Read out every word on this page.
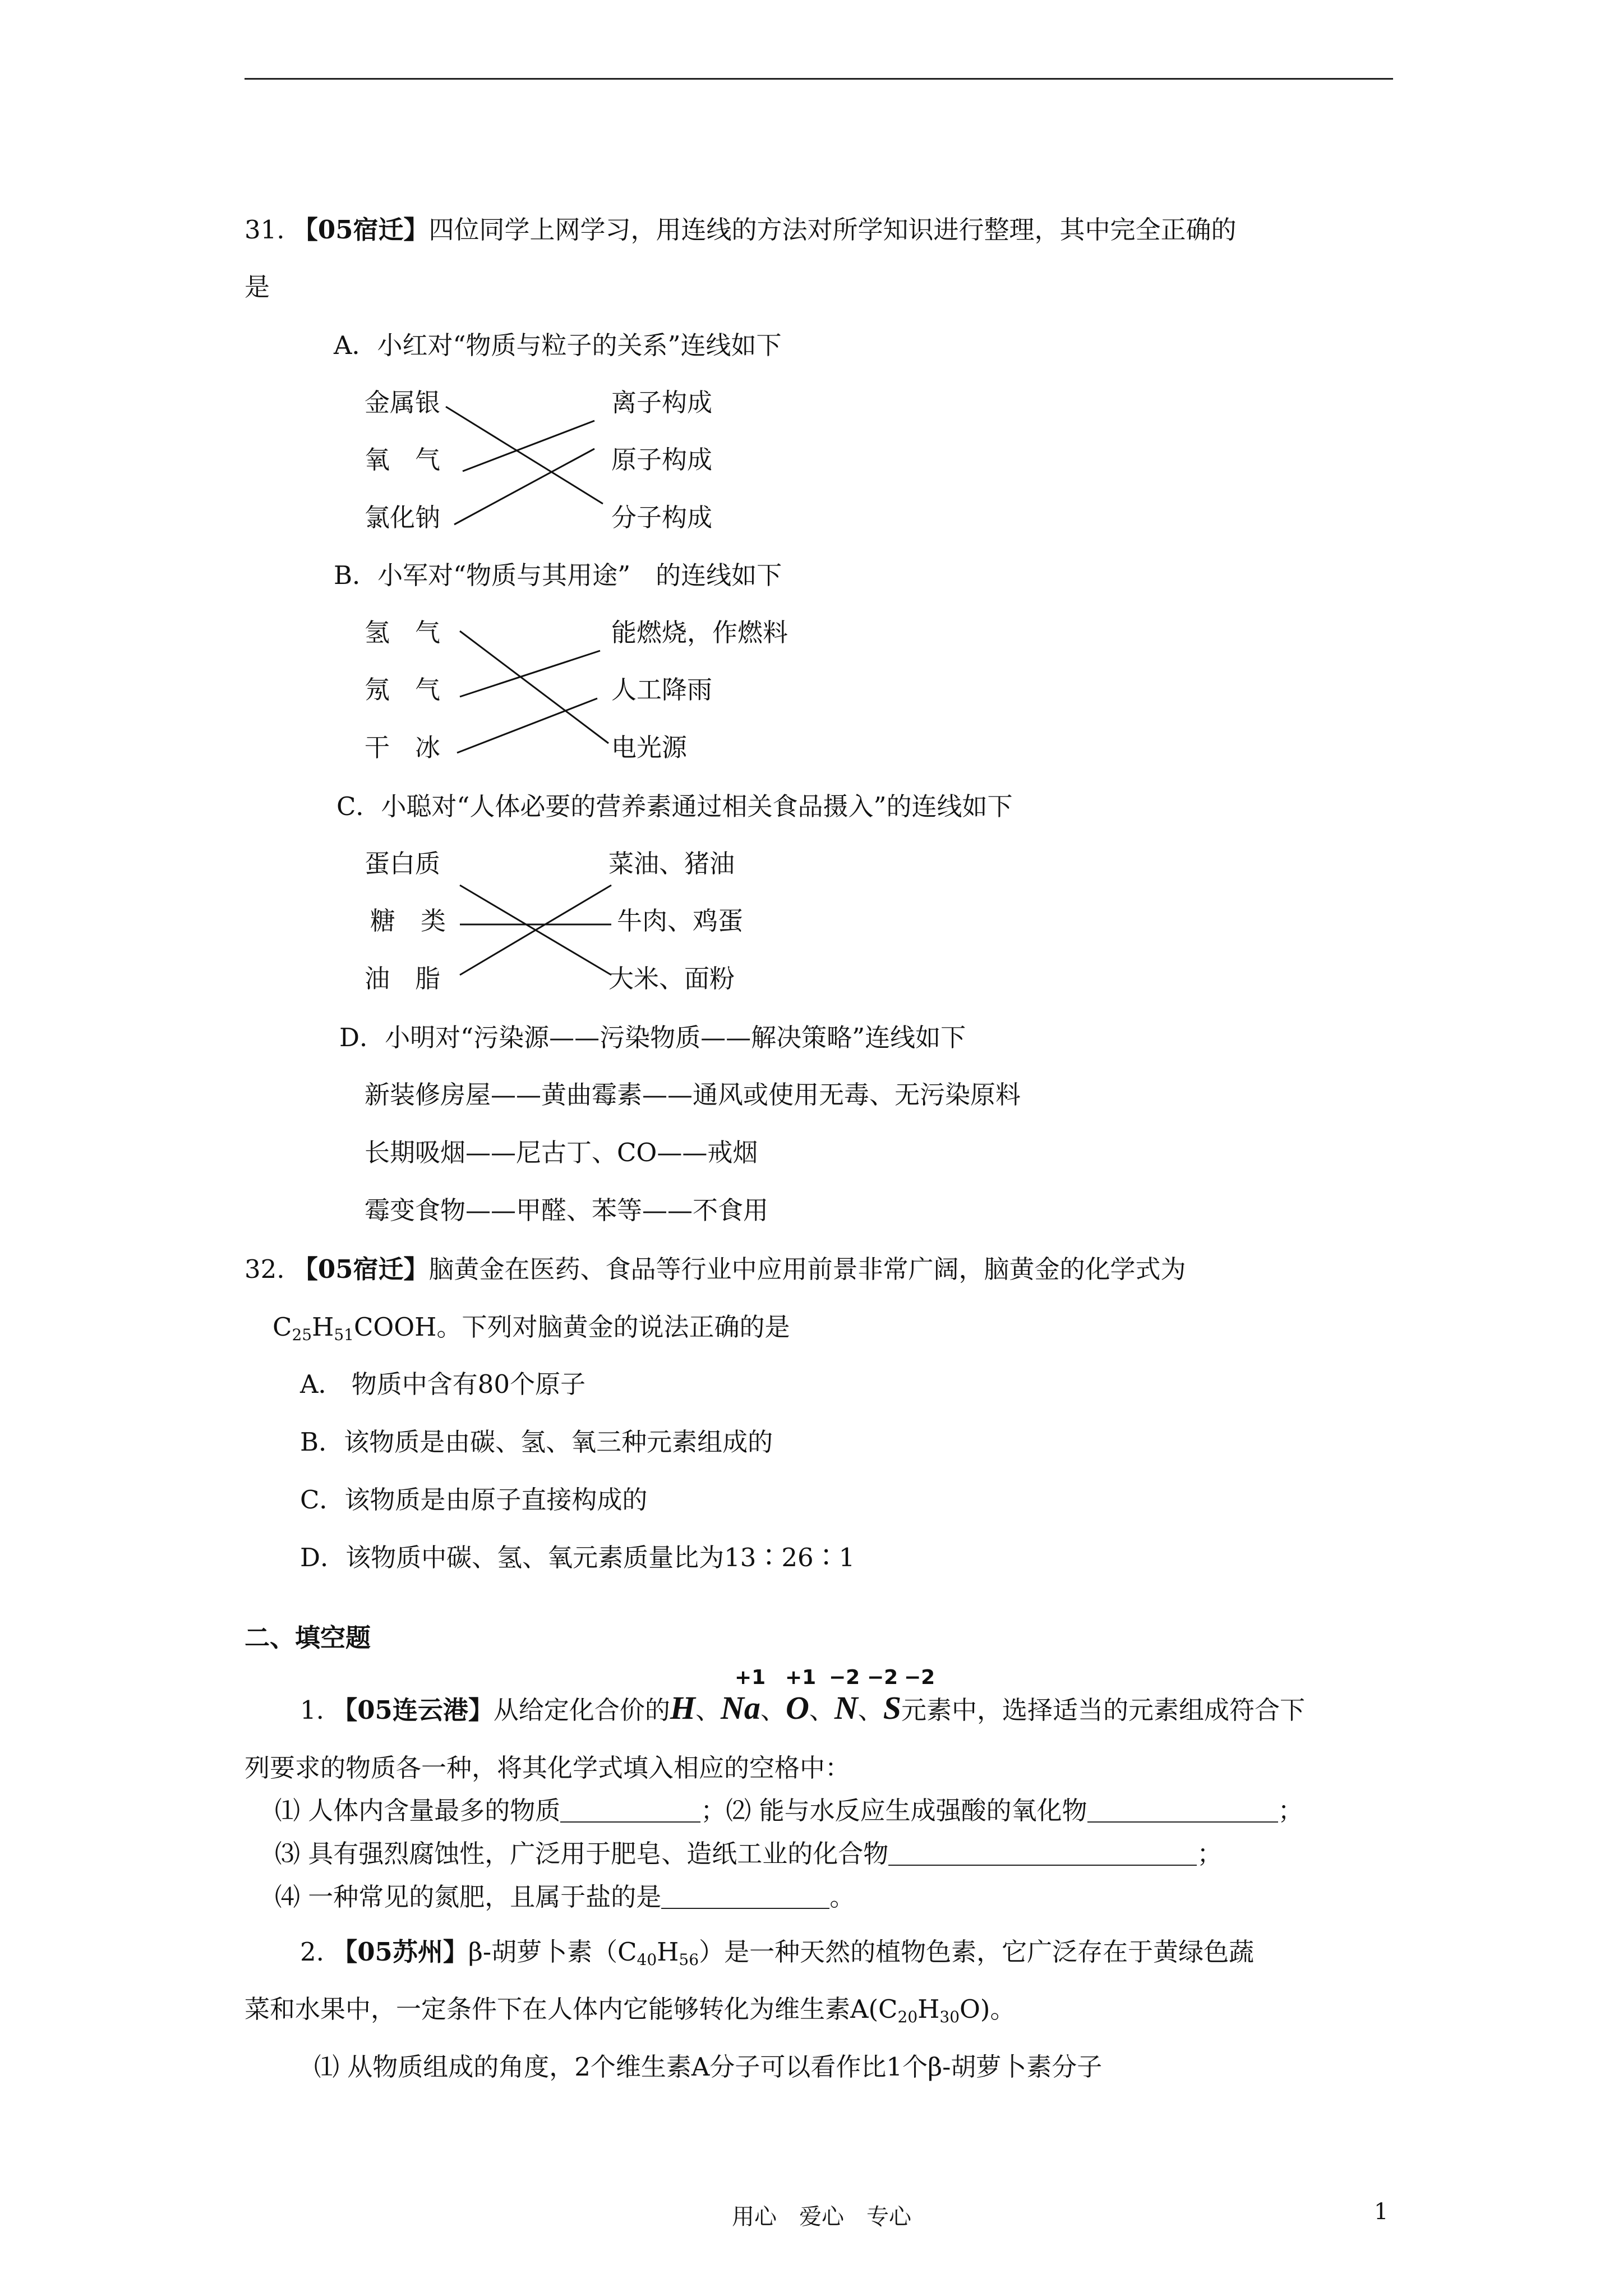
31. 【05宿迁】四位同学上网学习，用连线的方法对所学知识进行整理，其中完全正确的
是
A．小红对“物质与粒子的关系”连线如下
金属银
氧　气
氯化钠
离子构成
原子构成
分子构成
B．小军对“物质与其用途”　的连线如下
氢　气
氖　气
干　冰
能燃烧，作燃料
人工降雨
电光源
C．小聪对“人体必要的营养素通过相关食品摄入”的连线如下
蛋白质
糖　类
油　脂
菜油、猪油
牛肉、鸡蛋
大米、面粉
D．小明对“污染源——污染物质——解决策略”连线如下
新装修房屋——黄曲霉素——通风或使用无毒、无污染原料
长期吸烟——尼古丁、CO——戒烟
霉变食物——甲醛、苯等——不食用
32. 【05宿迁】脑黄金在医药、食品等行业中应用前景非常广阔，脑黄金的化学式为
$C_{25}H_{51}COOH$。下列对脑黄金的说法正确的是
A． 物质中含有80个原子
B．该物质是由碳、氢、氧三种元素组成的
C．该物质是由原子直接构成的
D．该物质中碳、氢、氧元素质量比为13∶26∶1
二、填空题
+1 +1 −2 −2 −2
1. 【05连云港】从给定化合价的H、Na、O、N、S元素中，选择适当的元素组成符合下
列要求的物质各一种，将其化学式填入相应的空格中：
⑴ 人体内含量最多的物质	；⑵ 能与水反应生成强酸的氧化物	；
⑶ 具有强烈腐蚀性，广泛用于肥皂、造纸工业的化合物	；
⑷ 一种常见的氮肥，且属于盐的是	。
2. 【05苏州】β-胡萝卜素$(C_{40}H_{56})$是一种天然的植物色素，它广泛存在于黄绿色蔬
菜和水果中，一定条件下在人体内它能够转化为维生素$A(C_{20}H_{30}O)$。
⑴ 从物质组成的角度，2个维生素A分子可以看作比1个β-胡萝卜素分子
用心　爱心　专心	1
